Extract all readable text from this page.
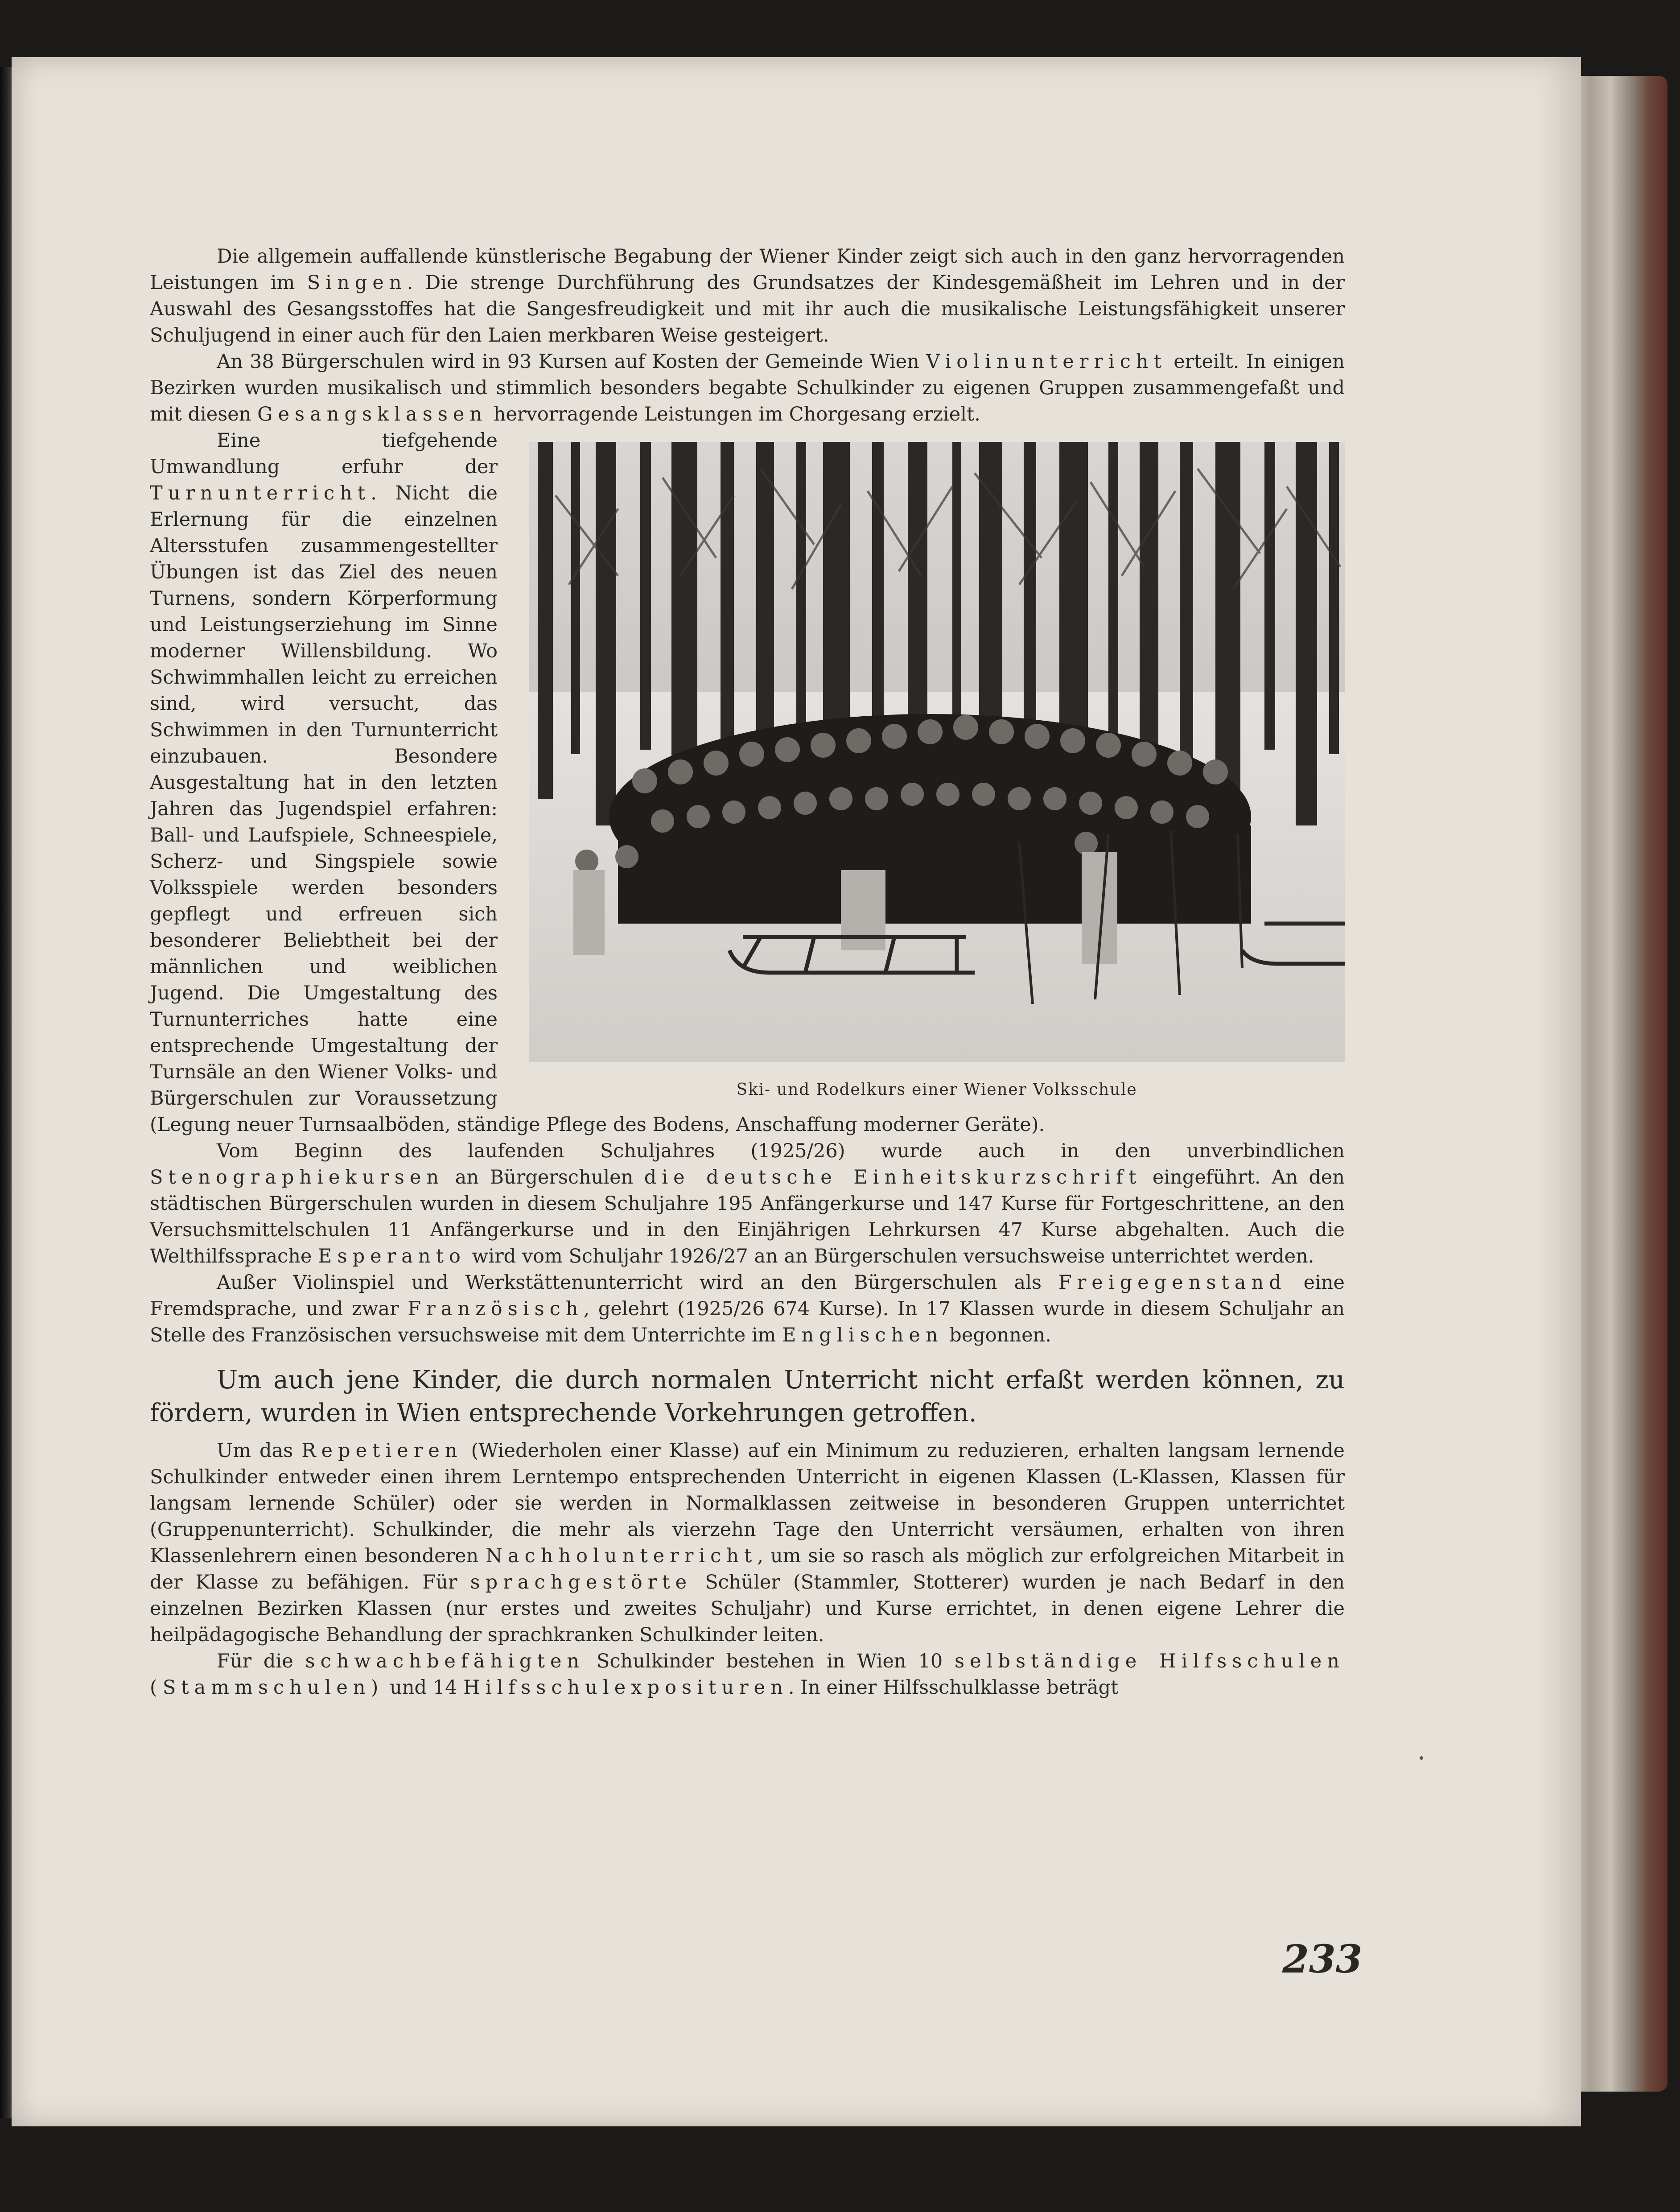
Die allgemein auffallende künstlerische Begabung der Wiener Kinder zeigt sich auch in den ganz hervorragenden Leistungen im Singen. Die strenge Durchführung des Grundsatzes der Kindesgemäßheit im Lehren und in der Auswahl des Gesangsstoffes hat die Sangesfreudigkeit und mit ihr auch die musikalische Leistungsfähigkeit unserer Schuljugend in einer auch für den Laien merkbaren Weise gesteigert.

An 38 Bürgerschulen wird in 93 Kursen auf Kosten der Gemeinde Wien Violinunterricht erteilt. In einigen Bezirken wurden musikalisch und stimmlich besonders begabte Schulkinder zu eigenen Gruppen zusammengefaßt und mit diesen Gesangsklassen hervorragende Leistungen im Chorgesang erzielt.

Ski- und Rodelkurs einer Wiener Volksschule

Eine tiefgehende Umwandlung erfuhr der Turnunterricht. Nicht die Erlernung für die einzelnen Altersstufen zusammengestellter Übungen ist das Ziel des neuen Turnens, sondern Körperformung und Leistungserziehung im Sinne moderner Willensbildung. Wo Schwimmhallen leicht zu erreichen sind, wird versucht, das Schwimmen in den Turnunterricht einzubauen. Besondere Ausgestaltung hat in den letzten Jahren das Jugendspiel erfahren: Ball- und Laufspiele, Schneespiele, Scherz- und Singspiele sowie Volksspiele werden besonders gepflegt und erfreuen sich besonderer Beliebtheit bei der männlichen und weiblichen Jugend. Die Umgestaltung des Turnunterriches hatte eine entsprechende Umgestaltung der Turnsäle an den Wiener Volks- und Bürgerschulen zur Voraussetzung (Legung neuer Turnsaalböden, ständige Pflege des Bodens, Anschaffung moderner Geräte).

Vom Beginn des laufenden Schuljahres (1925/26) wurde auch in den unverbindlichen Stenographiekursen an Bürgerschulen die deutsche Einheitskurzschrift eingeführt. An den städtischen Bürgerschulen wurden in diesem Schuljahre 195 Anfängerkurse und 147 Kurse für Fortgeschrittene, an den Versuchsmittelschulen 11 Anfängerkurse und in den Einjährigen Lehrkursen 47 Kurse abgehalten. Auch die Welthilfssprache Esperanto wird vom Schuljahr 1926/27 an an Bürgerschulen versuchsweise unterrichtet werden.

Außer Violinspiel und Werkstättenunterricht wird an den Bürgerschulen als Freigegenstand eine Fremdsprache, und zwar Französisch, gelehrt (1925/26 674 Kurse). In 17 Klassen wurde in diesem Schuljahr an Stelle des Französischen versuchsweise mit dem Unterrichte im Englischen begonnen.

Um auch jene Kinder, die durch normalen Unterricht nicht erfaßt werden können, zu fördern, wurden in Wien entsprechende Vorkehrungen getroffen.

Um das Repetieren (Wiederholen einer Klasse) auf ein Minimum zu reduzieren, erhalten langsam lernende Schulkinder entweder einen ihrem Lerntempo entsprechenden Unterricht in eigenen Klassen (L-Klassen, Klassen für langsam lernende Schüler) oder sie werden in Normalklassen zeitweise in besonderen Gruppen unterrichtet (Gruppenunterricht). Schulkinder, die mehr als vierzehn Tage den Unterricht versäumen, erhalten von ihren Klassenlehrern einen besonderen Nachholunterricht, um sie so rasch als möglich zur erfolgreichen Mitarbeit in der Klasse zu befähigen. Für sprachgestörte Schüler (Stammler, Stotterer) wurden je nach Bedarf in den einzelnen Bezirken Klassen (nur erstes und zweites Schuljahr) und Kurse errichtet, in denen eigene Lehrer die heilpädagogische Behandlung der sprachkranken Schulkinder leiten.

Für die schwachbefähigten Schulkinder bestehen in Wien 10 selbständige Hilfsschulen (Stammschulen) und 14 Hilfsschulexposituren. In einer Hilfsschulklasse beträgt

233
